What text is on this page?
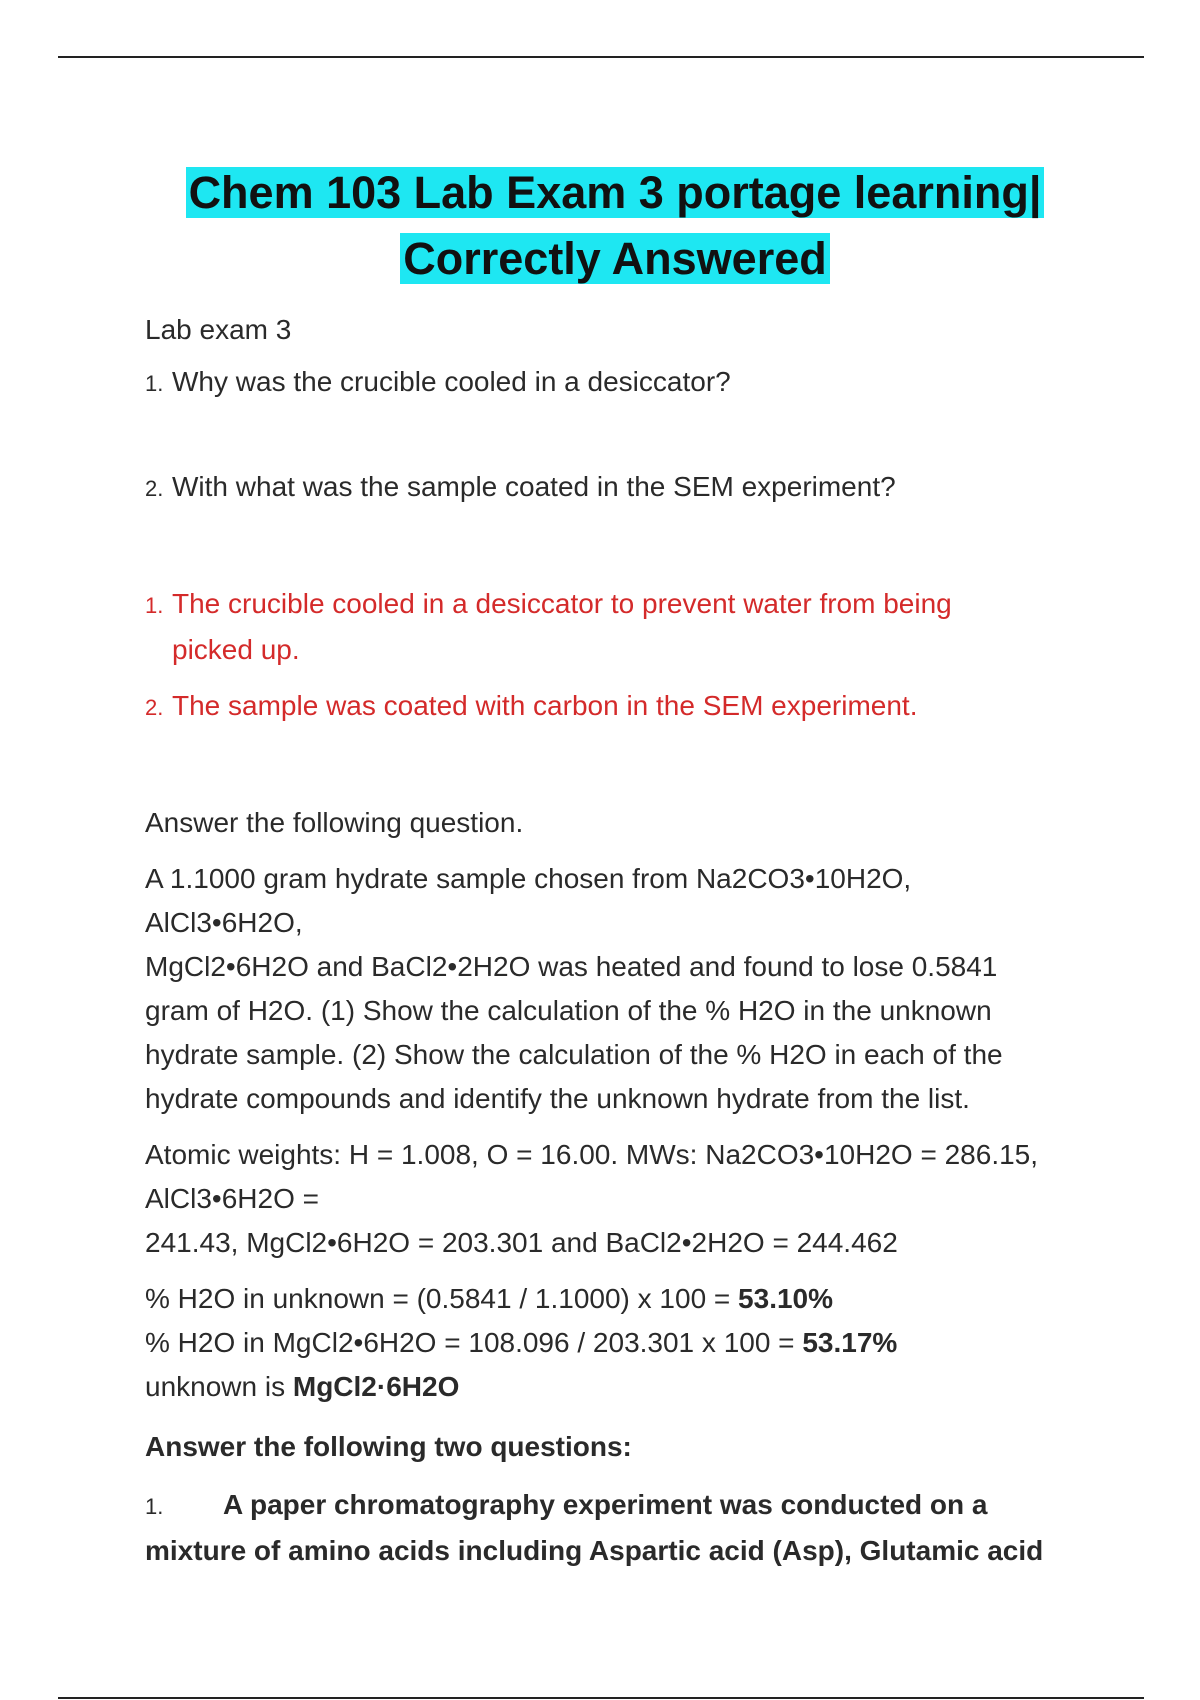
Chem 103 Lab Exam 3 portage learning|
Correctly Answered

Lab exam 3

1. Why was the crucible cooled in a desiccator?

2. With what was the sample coated in the SEM experiment?

1. The crucible cooled in a desiccator to prevent water from being

picked up.

2. The sample was coated with carbon in the SEM experiment.

Answer the following question.

A 1.1000 gram hydrate sample chosen from Na2CO3•10H2O,

AlCl3•6H2O,

MgCl2•6H2O and BaCl2•2H2O was heated and found to lose 0.5841

gram of H2O. (1) Show the calculation of the % H2O in the unknown

hydrate sample. (2) Show the calculation of the % H2O in each of the

hydrate compounds and identify the unknown hydrate from the list.

Atomic weights: H = 1.008, O = 16.00. MWs: Na2CO3•10H2O = 286.15,

AlCl3•6H2O =

241.43, MgCl2•6H2O = 203.301 and BaCl2•2H2O = 244.462

% H2O in unknown = (0.5841 / 1.1000) x 100 = 53.10%

% H2O in MgCl2•6H2O = 108.096 / 203.301 x 100 = 53.17%

unknown is MgCl2·6H2O

Answer the following two questions:

1. A paper chromatography experiment was conducted on a

mixture of amino acids including Aspartic acid (Asp), Glutamic acid
